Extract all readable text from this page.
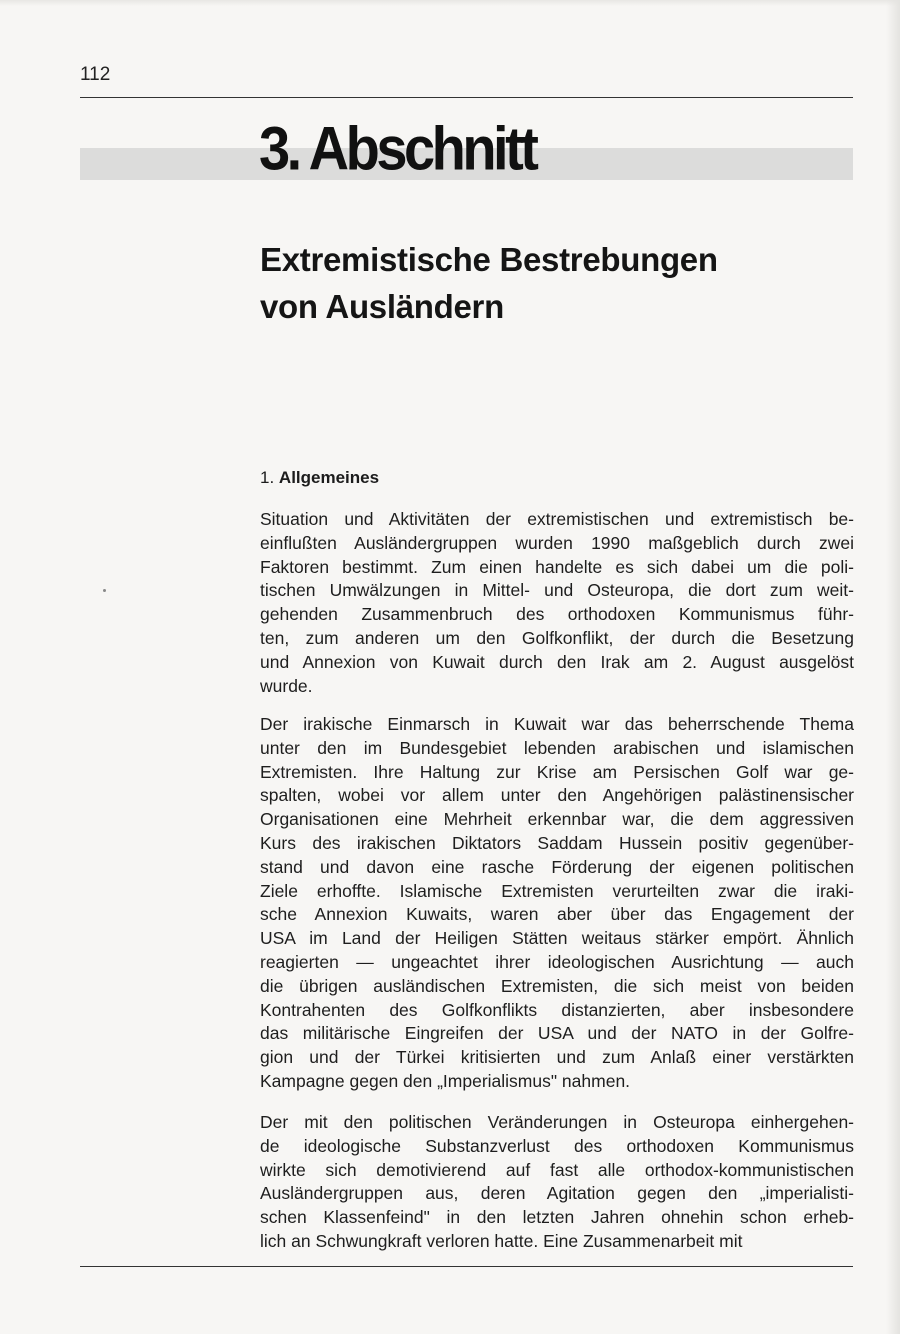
112
3. Abschnitt
Extremistische Bestrebungen
von Ausländern
1. Allgemeines
Situation und Aktivitäten der extremistischen und extremistisch be-
einflußten Ausländergruppen wurden 1990 maßgeblich durch zwei
Faktoren bestimmt. Zum einen handelte es sich dabei um die poli-
tischen Umwälzungen in Mittel- und Osteuropa, die dort zum weit-
gehenden Zusammenbruch des orthodoxen Kommunismus führ-
ten, zum anderen um den Golfkonflikt, der durch die Besetzung
und Annexion von Kuwait durch den Irak am 2. August ausgelöst
wurde.
Der irakische Einmarsch in Kuwait war das beherrschende Thema
unter den im Bundesgebiet lebenden arabischen und islamischen
Extremisten. Ihre Haltung zur Krise am Persischen Golf war ge-
spalten, wobei vor allem unter den Angehörigen palästinensischer
Organisationen eine Mehrheit erkennbar war, die dem aggressiven
Kurs des irakischen Diktators Saddam Hussein positiv gegenüber-
stand und davon eine rasche Förderung der eigenen politischen
Ziele erhoffte. Islamische Extremisten verurteilten zwar die iraki-
sche Annexion Kuwaits, waren aber über das Engagement der
USA im Land der Heiligen Stätten weitaus stärker empört. Ähnlich
reagierten — ungeachtet ihrer ideologischen Ausrichtung — auch
die übrigen ausländischen Extremisten, die sich meist von beiden
Kontrahenten des Golfkonflikts distanzierten, aber insbesondere
das militärische Eingreifen der USA und der NATO in der Golfre-
gion und der Türkei kritisierten und zum Anlaß einer verstärkten
Kampagne gegen den „Imperialismus" nahmen.
Der mit den politischen Veränderungen in Osteuropa einhergehen-
de ideologische Substanzverlust des orthodoxen Kommunismus
wirkte sich demotivierend auf fast alle orthodox-kommunistischen
Ausländergruppen aus, deren Agitation gegen den „imperialisti-
schen Klassenfeind" in den letzten Jahren ohnehin schon erheb-
lich an Schwungkraft verloren hatte. Eine Zusammenarbeit mit
